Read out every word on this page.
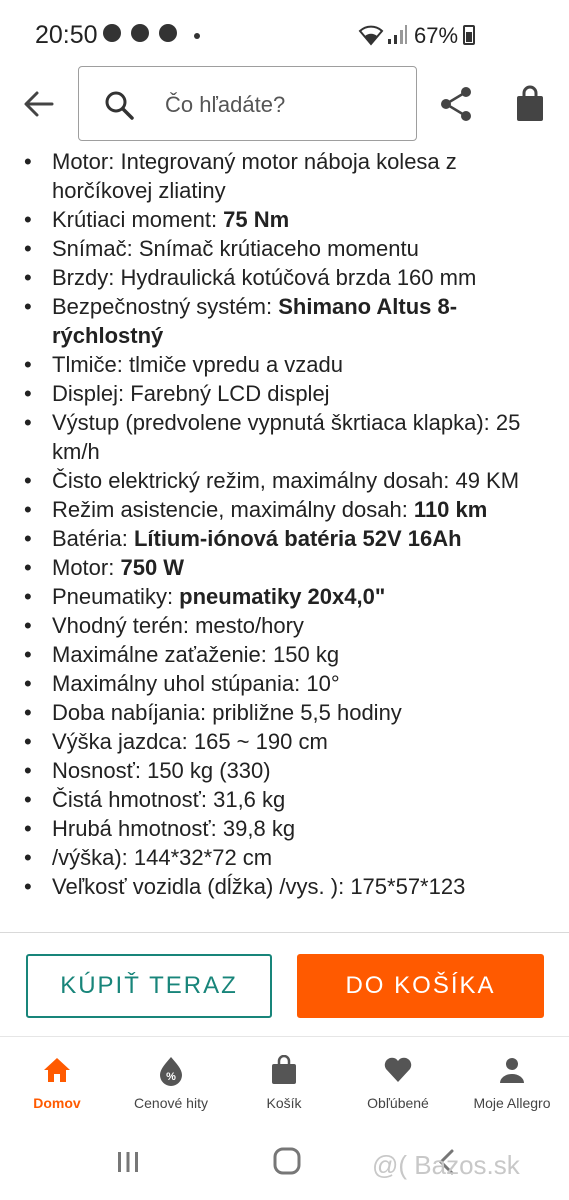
20:50	67%
Čo hľadáte?
• Motor: Integrovaný motor náboja kolesa z horčíkovej zliatiny
• Krútiaci moment: 75 Nm
• Snímač: Snímač krútiaceho momentu
• Brzdy: Hydraulická kotúčová brzda 160 mm
• Bezpečnostný systém: Shimano Altus 8-rýchlostný
• Tlmiče: tlmiče vpredu a vzadu
• Displej: Farebný LCD displej
• Výstup (predvolene vypnutá škrtiaca klapka): 25 km/h
• Čisto elektrický režim, maximálny dosah: 49 KM
• Režim asistencie, maximálny dosah: 110 km
• Batéria: Lítium-iónová batéria 52V 16Ah
• Motor: 750 W
• Pneumatiky: pneumatiky 20x4,0"
• Vhodný terén: mesto/hory
• Maximálne zaťaženie: 150 kg
• Maximálny uhol stúpania: 10°
• Doba nabíjania: približne 5,5 hodiny
• Výška jazdca: 165 ~ 190 cm
• Nosnosť: 150 kg (330)
• Čistá hmotnosť: 31,6 kg
• Hrubá hmotnosť: 39,8 kg
• /výška): 144*32*72 cm
• Veľkosť vozidla (dĺžka) /vys. ): 175*57*123
KÚPIŤ TERAZ	DO KOŠÍKA
Domov
%
Cenové hity	Košík	Obľúbené	Moje Allegro
@( Bazos.sk
